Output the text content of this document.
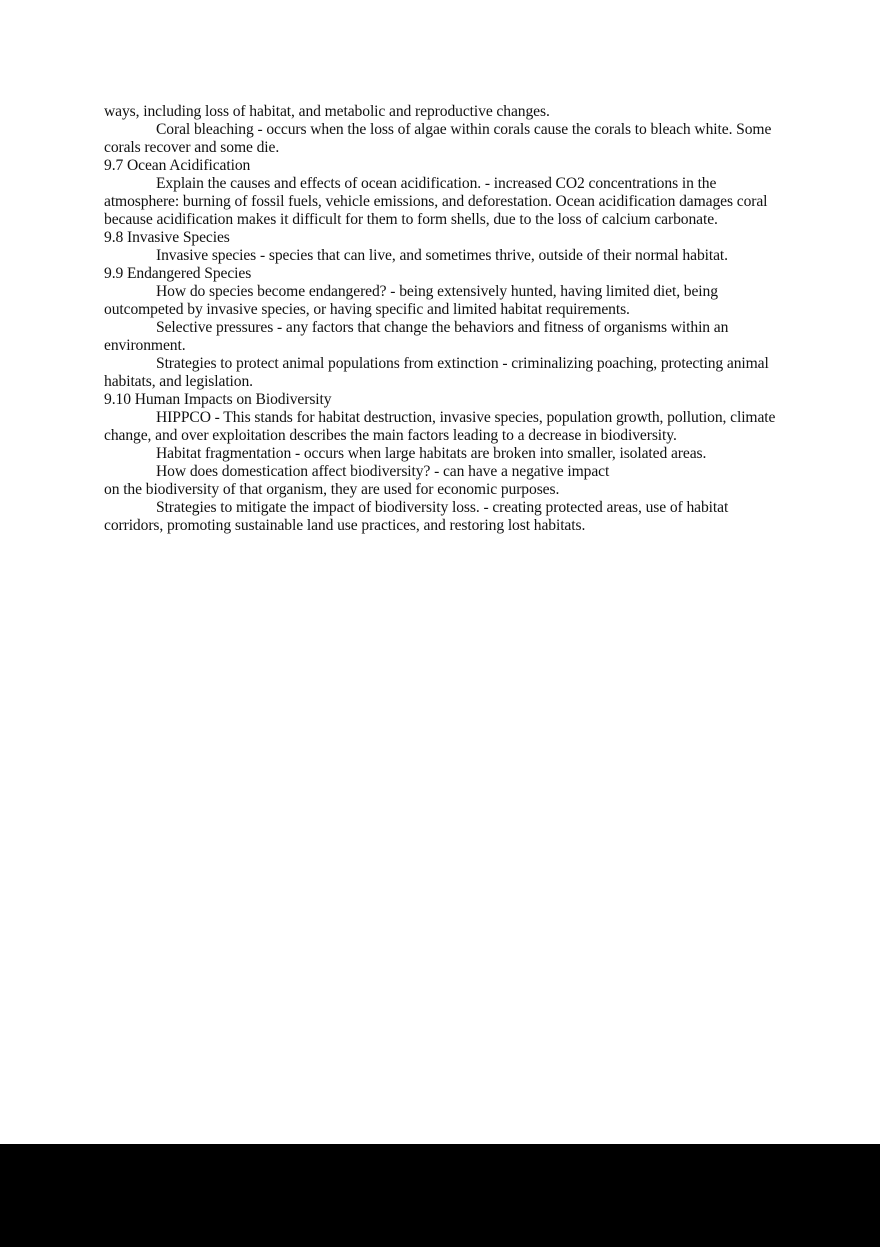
ways, including loss of habitat, and metabolic and reproductive changes.

Coral bleaching - occurs when the loss of algae within corals cause the corals to bleach white. Some corals recover and some die.

9.7 Ocean Acidification

Explain the causes and effects of ocean acidification. - increased CO2 concentrations in the atmosphere: burning of fossil fuels, vehicle emissions, and deforestation. Ocean acidification damages coral because acidification makes it difficult for them to form shells, due to the loss of calcium carbonate.

9.8 Invasive Species

Invasive species - species that can live, and sometimes thrive, outside of their normal habitat.

9.9 Endangered Species

How do species become endangered? - being extensively hunted, having limited diet, being outcompeted by invasive species, or having specific and limited habitat requirements.

Selective pressures - any factors that change the behaviors and fitness of organisms within an environment.

Strategies to protect animal populations from extinction - criminalizing poaching, protecting animal habitats, and legislation.

9.10 Human Impacts on Biodiversity

HIPPCO - This stands for habitat destruction, invasive species, population growth, pollution, climate change, and over exploitation describes the main factors leading to a decrease in biodiversity.

Habitat fragmentation - occurs when large habitats are broken into smaller, isolated areas.

How does domestication affect biodiversity? - can have a negative impact
on the biodiversity of that organism, they are used for economic purposes.

Strategies to mitigate the impact of biodiversity loss. - creating protected areas, use of habitat corridors, promoting sustainable land use practices, and restoring lost habitats.
